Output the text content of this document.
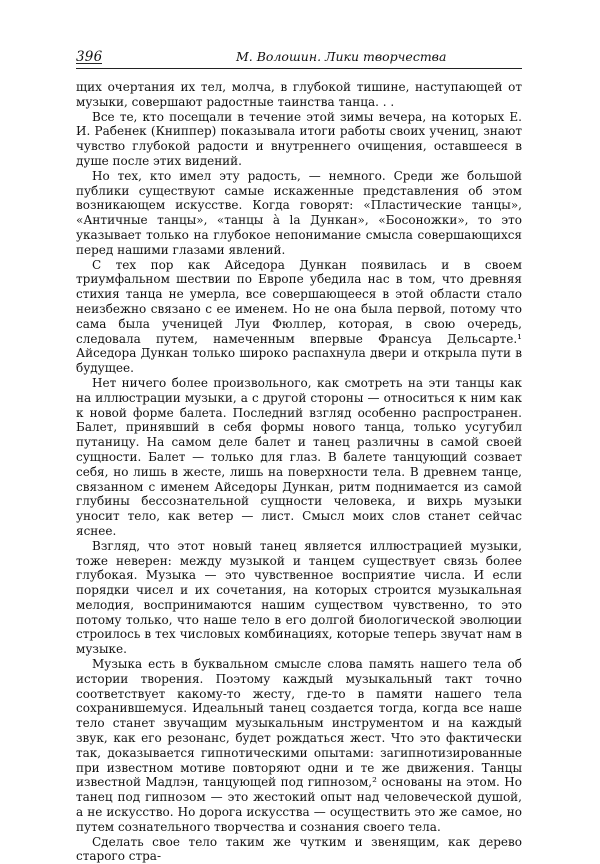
396	М. Волошин. Лики творчества

щих очертания их тел, молча, в глубокой тишине, наступающей от музыки, совершают радостные таинства танца. . .

Все те, кто посещали в течение этой зимы вечера, на которых Е. И. Рабенек (Книппер) показывала итоги работы своих учениц, знают чувство глубокой радости и внутреннего очищения, оставшееся в душе после этих видений.

Но тех, кто имел эту радость, — немного. Среди же большой публики существуют самые искаженные представления об этом возникающем искусстве. Когда говорят: «Пластические танцы», «Античные танцы», «танцы à la Дункан», «Босоножки», то это указывает только на глубокое непонимание смысла совершающихся перед нашими глазами явлений.

С тех пор как Айседора Дункан появилась и в своем триумфальном шествии по Европе убедила нас в том, что древняя стихия танца не умерла, все совершающееся в этой области стало неизбежно связано с ее именем. Но не она была первой, потому что сама была ученицей Луи Фюллер, которая, в свою очередь, следовала путем, намеченным впервые Франсуа Дельсарте.¹ Айседора Дункан только широко распахнула двери и открыла пути в будущее.

Нет ничего более произвольного, как смотреть на эти танцы как на иллюстрации музыки, а с другой стороны — относиться к ним как к новой форме балета. Последний взгляд особенно распространен. Балет, принявший в себя формы нового танца, только усугубил путаницу. На самом деле балет и танец различны в самой своей сущности. Балет — только для глаз. В балете танцующий созвает себя, но лишь в жесте, лишь на поверхности тела. В древнем танце, связанном с именем Айседоры Дункан, ритм поднимается из самой глубины бессознательной сущности человека, и вихрь музыки уносит тело, как ветер — лист. Смысл моих слов станет сейчас яснее.

Взгляд, что этот новый танец является иллюстрацией музыки, тоже неверен: между музыкой и танцем существует связь более глубокая. Музыка — это чувственное восприятие числа. И если порядки чисел и их сочетания, на которых строится музыкальная мелодия, воспринимаются нашим существом чувственно, то это потому только, что наше тело в его долгой биологической эволюции строилось в тех числовых комбинациях, которые теперь звучат нам в музыке.

Музыка есть в буквальном смысле слова память нашего тела об истории творения. Поэтому каждый музыкальный такт точно соответствует какому-то жесту, где-то в памяти нашего тела сохранившемуся. Идеальный танец создается тогда, когда все наше тело станет звучащим музыкальным инструментом и на каждый звук, как его резонанс, будет рождаться жест. Что это фактически так, доказывается гипнотическими опытами: загипнотизированные при известном мотиве повторяют одни и те же движения. Танцы известной Мадлэн, танцующей под гипнозом,² основаны на этом. Но танец под гипнозом — это жестокий опыт над человеческой душой, а не искусство. Но дорога искусства — осуществить это же самое, но путем сознательного творчества и сознания своего тела.

Сделать свое тело таким же чутким и звенящим, как дерево старого стра-
